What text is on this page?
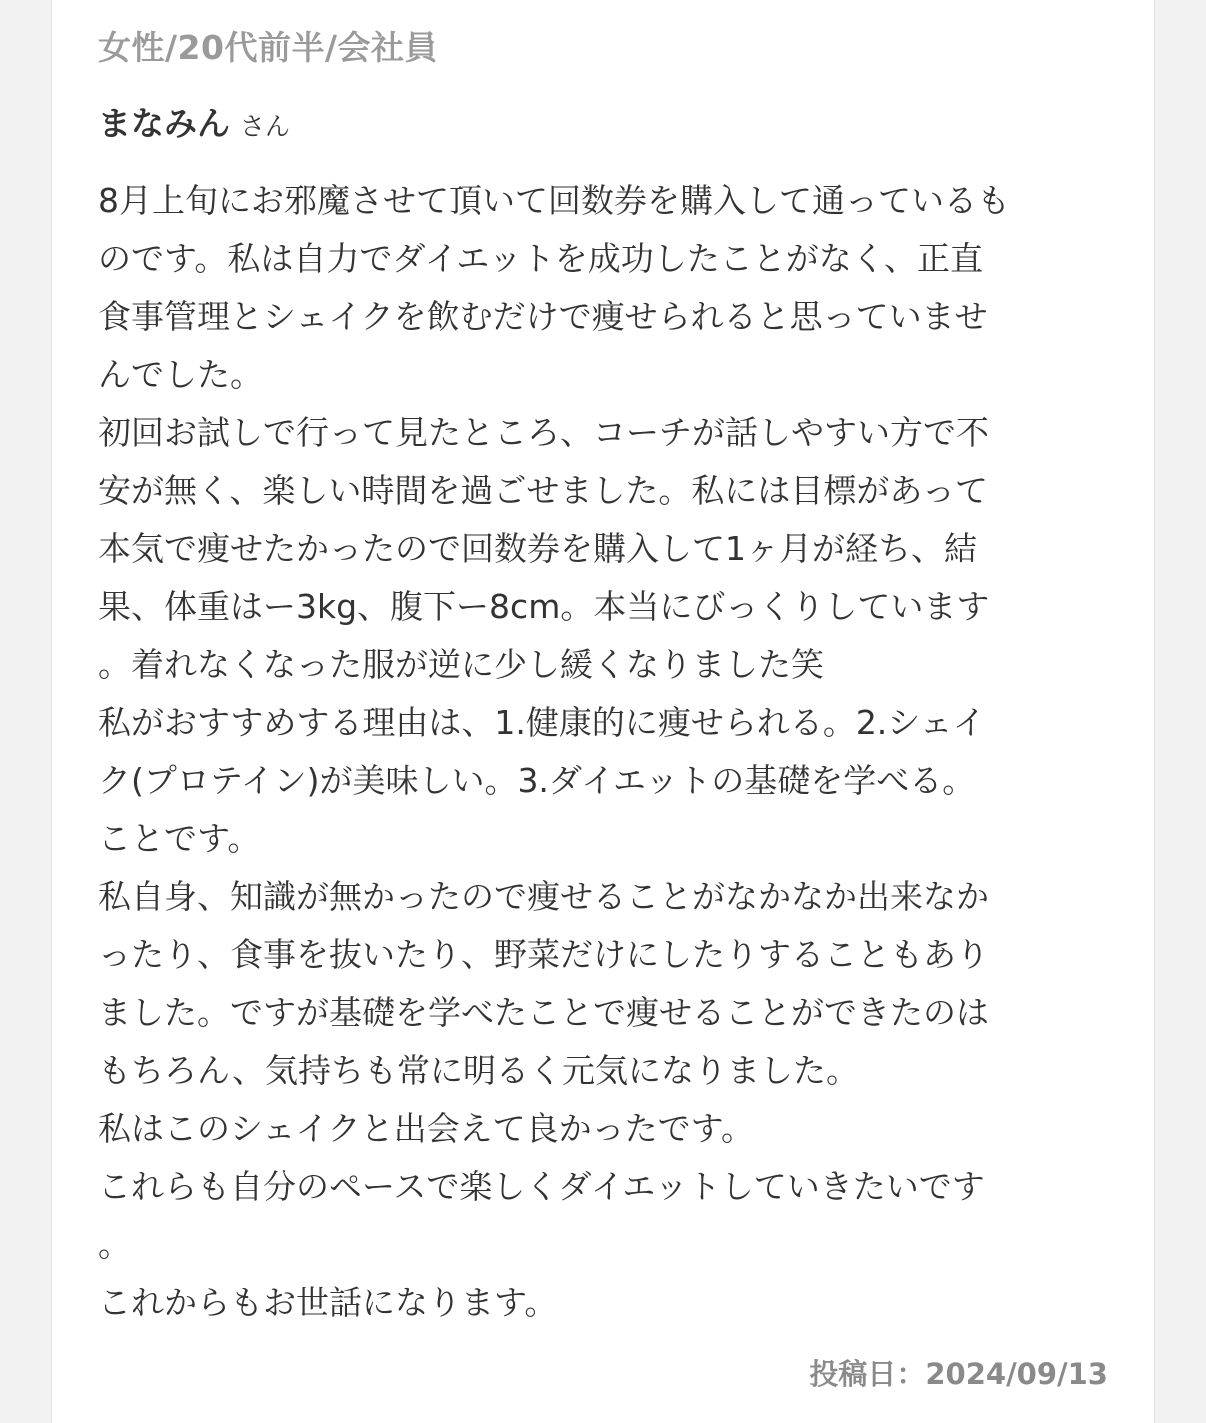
女性/20代前半/会社員
まなみん さん
8月上旬にお邪魔させて頂いて回数券を購入して通っているも
のです。私は自力でダイエットを成功したことがなく、正直
食事管理とシェイクを飲むだけで痩せられると思っていませ
んでした。
初回お試しで行って見たところ、コーチが話しやすい方で不
安が無く、楽しい時間を過ごせました。私には目標があって
本気で痩せたかったので回数券を購入して1ヶ月が経ち、結
果、体重はー3kg、腹下ー8cm。本当にびっくりしています
。着れなくなった服が逆に少し緩くなりました笑
私がおすすめする理由は、1.健康的に痩せられる。2.シェイ
ク(プロテイン)が美味しい。3.ダイエットの基礎を学べる。
ことです。
私自身、知識が無かったので痩せることがなかなか出来なか
ったり、食事を抜いたり、野菜だけにしたりすることもあり
ました。ですが基礎を学べたことで痩せることができたのは
もちろん、気持ちも常に明るく元気になりました。
私はこのシェイクと出会えて良かったです。
これらも自分のペースで楽しくダイエットしていきたいです
。
これからもお世話になります。
投稿日：2024/09/13
